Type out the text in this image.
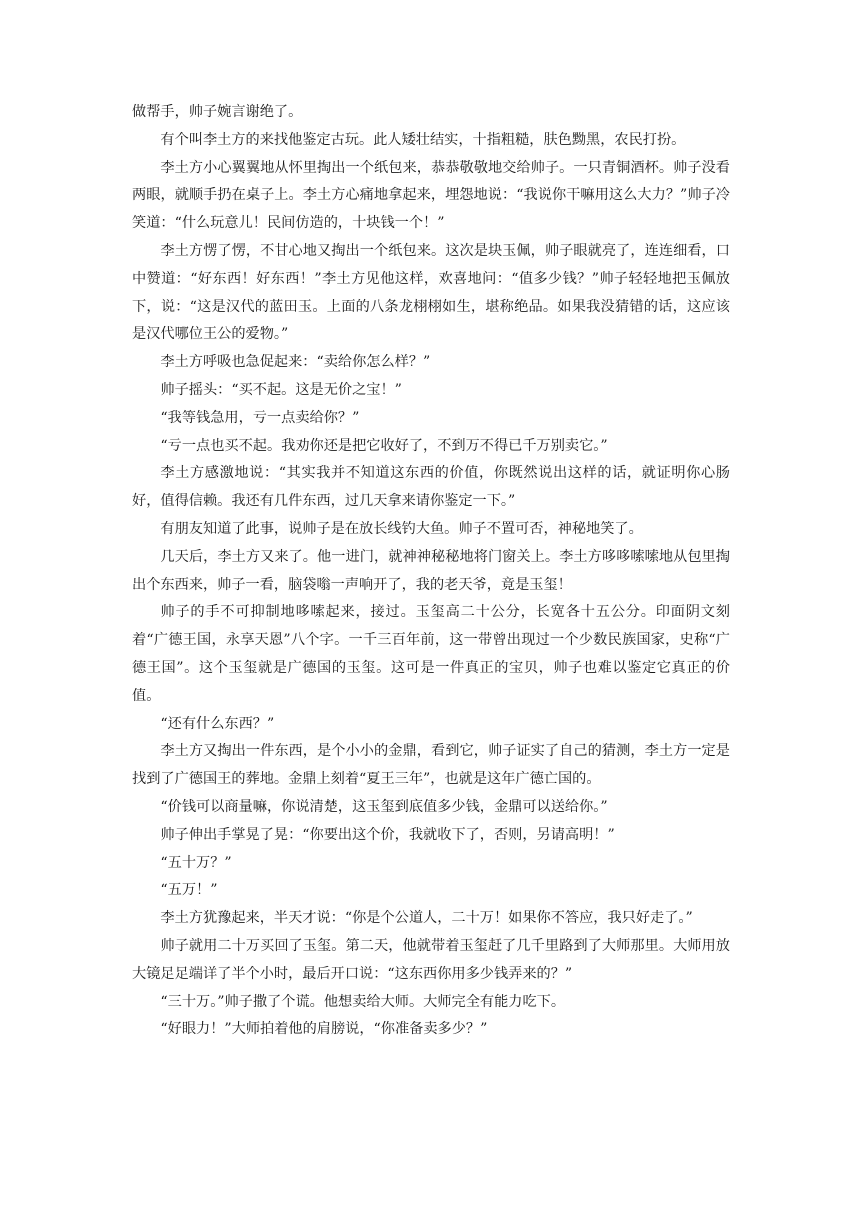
做帮手，帅子婉言谢绝了。

有个叫李土方的来找他鉴定古玩。此人矮壮结实，十指粗糙，肤色黝黑，农民打扮。

李土方小心翼翼地从怀里掏出一个纸包来，恭恭敬敬地交给帅子。一只青铜酒杯。帅子没看两眼，就顺手扔在桌子上。李土方心痛地拿起来，埋怨地说：“我说你干嘛用这么大力？”帅子冷笑道：“什么玩意儿！民间仿造的，十块钱一个！”

李土方愣了愣，不甘心地又掏出一个纸包来。这次是块玉佩，帅子眼就亮了，连连细看，口中赞道：“好东西！好东西！”李土方见他这样，欢喜地问：“值多少钱？”帅子轻轻地把玉佩放下，说：“这是汉代的蓝田玉。上面的八条龙栩栩如生，堪称绝品。如果我没猜错的话，这应该是汉代哪位王公的爱物。”

李土方呼吸也急促起来：“卖给你怎么样？”

帅子摇头：“买不起。这是无价之宝！”

“我等钱急用，亏一点卖给你？”

“亏一点也买不起。我劝你还是把它收好了，不到万不得已千万别卖它。”

李土方感激地说：“其实我并不知道这东西的价值，你既然说出这样的话，就证明你心肠好，值得信赖。我还有几件东西，过几天拿来请你鉴定一下。”

有朋友知道了此事，说帅子是在放长线钓大鱼。帅子不置可否，神秘地笑了。

几天后，李土方又来了。他一进门，就神神秘秘地将门窗关上。李土方哆哆嗦嗦地从包里掏出个东西来，帅子一看，脑袋嗡一声响开了，我的老天爷，竟是玉玺！

帅子的手不可抑制地哆嗦起来，接过。玉玺高二十公分，长宽各十五公分。印面阴文刻着“广德王国，永享天恩”八个字。一千三百年前，这一带曾出现过一个少数民族国家，史称“广德王国”。这个玉玺就是广德国的玉玺。这可是一件真正的宝贝，帅子也难以鉴定它真正的价值。

“还有什么东西？”

李土方又掏出一件东西，是个小小的金鼎，看到它，帅子证实了自己的猜测，李土方一定是找到了广德国王的葬地。金鼎上刻着“夏王三年”，也就是这年广德亡国的。

“价钱可以商量嘛，你说清楚，这玉玺到底值多少钱，金鼎可以送给你。”

帅子伸出手掌晃了晃：“你要出这个价，我就收下了，否则，另请高明！”

“五十万？”

“五万！”

李土方犹豫起来，半天才说：“你是个公道人，二十万！如果你不答应，我只好走了。”

帅子就用二十万买回了玉玺。第二天，他就带着玉玺赶了几千里路到了大师那里。大师用放大镜足足端详了半个小时，最后开口说：“这东西你用多少钱弄来的？”

“三十万。”帅子撒了个谎。他想卖给大师。大师完全有能力吃下。

“好眼力！”大师拍着他的肩膀说，“你准备卖多少？”
